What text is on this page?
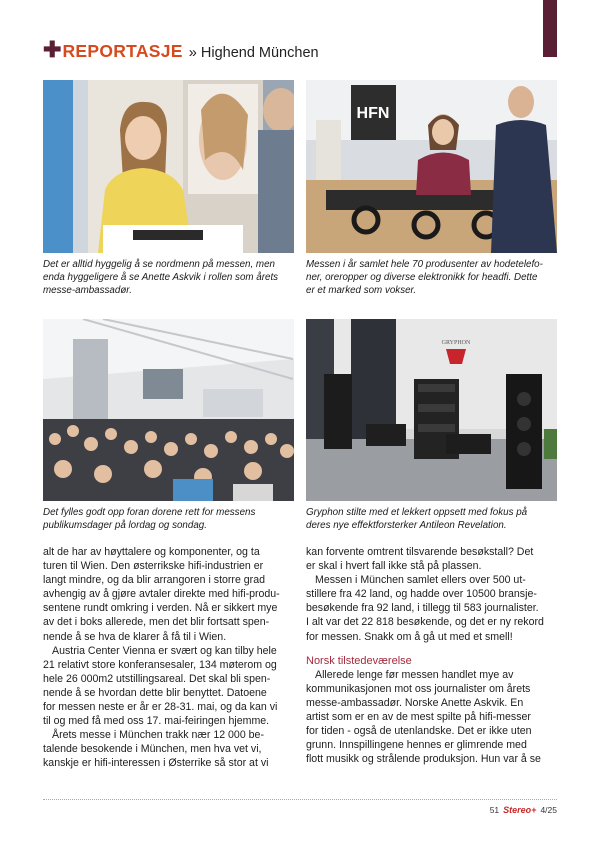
✚ REPORTASJE » Highend München
HFN
GRYPHON
Det er alltid hyggelig å se nordmenn på messen, men
enda hyggeligere å se Anette Askvik i rollen som årets
messe-ambassadør.
Messen i år samlet hele 70 produsenter av hodetelefo-
ner, oreropper og diverse elektronikk for headfi. Dette
er et marked som vokser.
Det fylles godt opp foran dorene rett for messens
publikumsdager på lordag og sondag.
Gryphon stilte med et lekkert oppsett med fokus på
deres nye effektforsterker Antileon Revelation.
alt de har av høyttalere og komponenter, og ta
turen til Wien. Den østerrikske hifi-industrien er
langt mindre, og da blir arrangoren i storre grad
avhengig av å gjøre avtaler direkte med hifi-produ-
sentene rundt omkring i verden. Nå er sikkert mye
av det i boks allerede, men det blir fortsatt spen-
nende å se hva de klarer å få til i Wien.
Austria Center Vienna er svært og kan tilby hele
21 relativt store konferansesaler, 134 møterom og
hele 26 000m2 utstillingsareal. Det skal bli spen-
nende å se hvordan dette blir benyttet. Datoene
for messen neste er år er 28-31. mai, og da kan vi
til og med få med oss 17. mai-feiringen hjemme.
Årets messe i München trakk nær 12 000 be-
talende besokende i München, men hva vet vi,
kanskje er hifi-interessen i Østerrike så stor at vi
kan forvente omtrent tilsvarende besøkstall? Det
er skal i hvert fall ikke stå på plassen.
Messen i München samlet ellers over 500 ut-
stillere fra 42 land, og hadde over 10500 bransje-
besøkende fra 92 land, i tillegg til 583 journalister.
I alt var det 22 818 besøkende, og det er ny rekord
for messen. Snakk om å gå ut med et smell!
Norsk tilstedeværelse
Allerede lenge før messen handlet mye av
kommunikasjonen mot oss journalister om årets
messe-ambassadør. Norske Anette Askvik. En
artist som er en av de mest spilte på hifi-messer
for tiden - også de utenlandske. Det er ikke uten
grunn. Innspillingene hennes er glimrende med
flott musikk og strålende produksjon. Hun var å se
51 Stereo+ 4/25
